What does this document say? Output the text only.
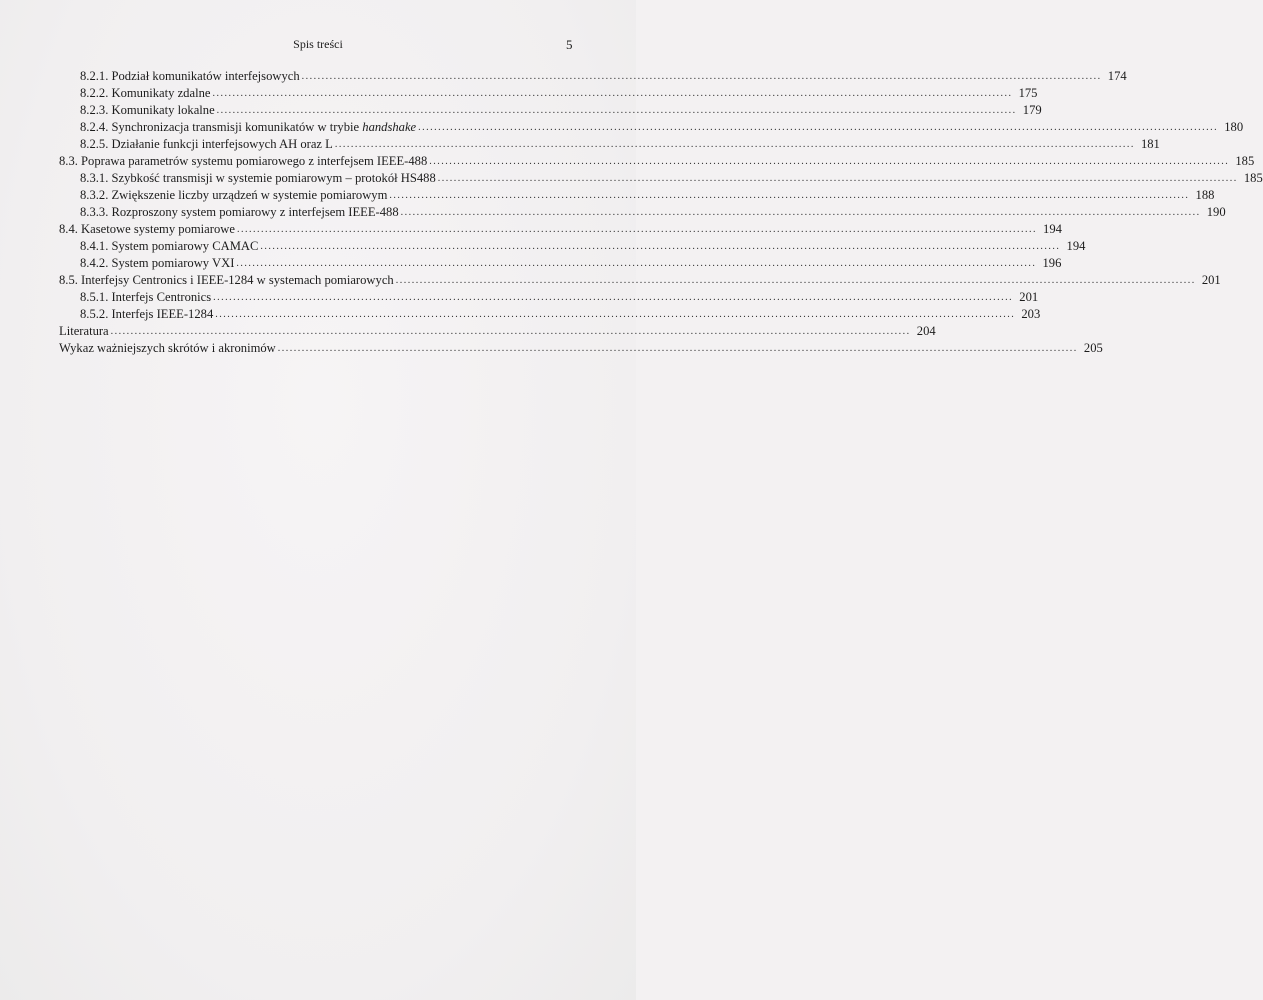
Spis treści	5
8.2.1. Podział komunikatów interfejsowych ........................................................................................................................................................................................................ 174
8.2.2. Komunikaty zdalne ........................................................................................................................................................................................................ 175
8.2.3. Komunikaty lokalne ........................................................................................................................................................................................................ 179
8.2.4. Synchronizacja transmisji komunikatów w trybie handshake ........................................................................................................................................................................................................ 180
8.2.5. Działanie funkcji interfejsowych AH oraz L ........................................................................................................................................................................................................ 181
8.3. Poprawa parametrów systemu pomiarowego z interfejsem IEEE-488 ........................................................................................................................................................................................................ 185
8.3.1. Szybkość transmisji w systemie pomiarowym – protokół HS488 ........................................................................................................................................................................................................ 185
8.3.2. Zwiększenie liczby urządzeń w systemie pomiarowym ........................................................................................................................................................................................................ 188
8.3.3. Rozproszony system pomiarowy z interfejsem IEEE-488 ........................................................................................................................................................................................................ 190
8.4. Kasetowe systemy pomiarowe ........................................................................................................................................................................................................ 194
8.4.1. System pomiarowy CAMAC ........................................................................................................................................................................................................ 194
8.4.2. System pomiarowy VXI ........................................................................................................................................................................................................ 196
8.5. Interfejsy Centronics i IEEE-1284 w systemach pomiarowych ........................................................................................................................................................................................................ 201
8.5.1. Interfejs Centronics ........................................................................................................................................................................................................ 201
8.5.2. Interfejs IEEE-1284 ........................................................................................................................................................................................................ 203
Literatura ........................................................................................................................................................................................................ 204
Wykaz ważniejszych skrótów i akronimów ........................................................................................................................................................................................................ 205
